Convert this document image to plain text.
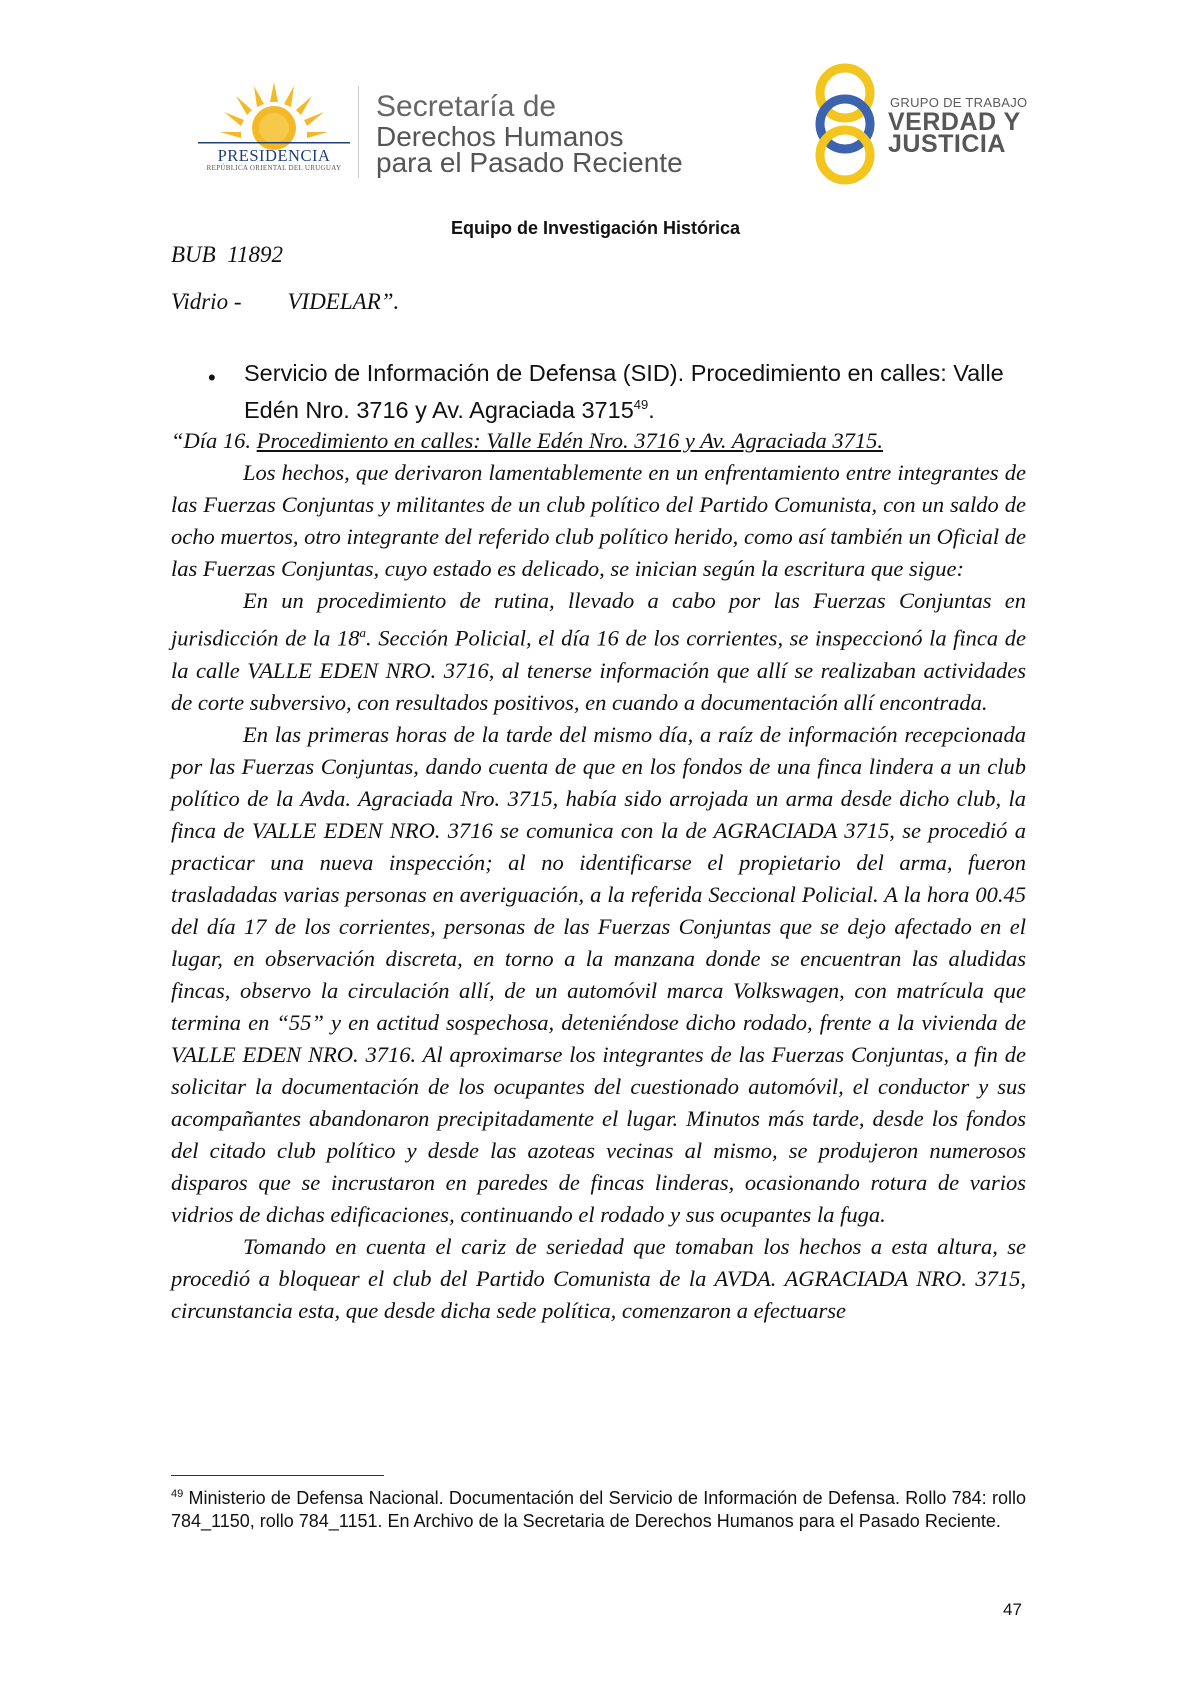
PRESIDENCIA
REPÚBLICA ORIENTAL DEL URUGUAY
Secretaría de
Derechos Humanos
para el Pasado Reciente
GRUPO DE TRABAJO
VERDAD Y
JUSTICIA
Equipo de Investigación Histórica
BUB  11892
Vidrio -        VIDELAR”.
• Servicio de Información de Defensa (SID). Procedimiento en calles: Valle Edén Nro. 3716 y Av. Agraciada 3715$^{49}$.

“Día 16. Procedimiento en calles: Valle Edén Nro. 3716 y Av. Agraciada 3715.

Los hechos, que derivaron lamentablemente en un enfrentamiento entre integrantes de las Fuerzas Conjuntas y militantes de un club político del Partido Comunista, con un saldo de ocho muertos, otro integrante del referido club político herido, como así también un Oficial de las Fuerzas Conjuntas, cuyo estado es delicado, se inician según la escritura que sigue:

En un procedimiento de rutina, llevado a cabo por las Fuerzas Conjuntas en jurisdicción de la 18$^a$. Sección Policial, el día 16 de los corrientes, se inspeccionó la finca de la calle VALLE EDEN NRO. 3716, al tenerse información que allí se realizaban actividades de corte subversivo, con resultados positivos, en cuando a documentación allí encontrada.

En las primeras horas de la tarde del mismo día, a raíz de información recepcionada por las Fuerzas Conjuntas, dando cuenta de que en los fondos de una finca lindera a un club político de la Avda. Agraciada Nro. 3715, había sido arrojada un arma desde dicho club, la finca de VALLE EDEN NRO. 3716 se comunica con la de AGRACIADA 3715, se procedió a practicar una nueva inspección; al no identificarse el propietario del arma, fueron trasladadas varias personas en averiguación, a la referida Seccional Policial. A la hora 00.45 del día 17 de los corrientes, personas de las Fuerzas Conjuntas que se dejo afectado en el lugar, en observación discreta, en torno a la manzana donde se encuentran las aludidas fincas, observo la circulación allí, de un automóvil marca Volkswagen, con matrícula que termina en “55” y en actitud sospechosa, deteniéndose dicho rodado, frente a la vivienda de VALLE EDEN NRO. 3716. Al aproximarse los integrantes de las Fuerzas Conjuntas, a fin de solicitar la documentación de los ocupantes del cuestionado automóvil, el conductor y sus acompañantes abandonaron precipitadamente el lugar. Minutos más tarde, desde los fondos del citado club político y desde las azoteas vecinas al mismo, se produjeron numerosos disparos que se incrustaron en paredes de fincas linderas, ocasionando rotura de varios vidrios de dichas edificaciones, continuando el rodado y sus ocupantes la fuga.

Tomando en cuenta el cariz de seriedad que tomaban los hechos a esta altura, se procedió a bloquear el club del Partido Comunista de la AVDA. AGRACIADA NRO. 3715, circunstancia esta, que desde dicha sede política, comenzaron a efectuarse

$^{49}$ Ministerio de Defensa Nacional. Documentación del Servicio de Información de Defensa. Rollo 784: rollo 784_1150, rollo 784_1151. En Archivo de la Secretaria de Derechos Humanos para el Pasado Reciente.
47
